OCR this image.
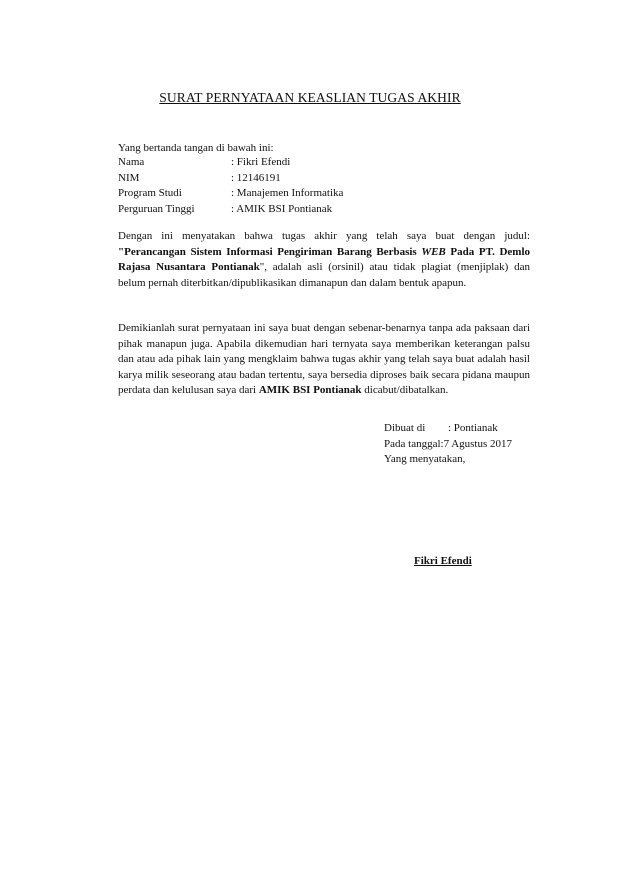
SURAT PERNYATAAN KEASLIAN TUGAS AKHIR
Yang bertanda tangan di bawah ini:
Nama	: Fikri Efendi
NIM	: 12146191
Program Studi	: Manajemen Informatika
Perguruan Tinggi	: AMIK BSI Pontianak
Dengan ini menyatakan bahwa tugas akhir yang telah saya buat dengan judul: "Perancangan Sistem Informasi Pengiriman Barang Berbasis WEB Pada PT. Demlo Rajasa Nusantara Pontianak", adalah asli (orsinil) atau tidak plagiat (menjiplak) dan belum pernah diterbitkan/dipublikasikan dimanapun dan dalam bentuk apapun.
Demikianlah surat pernyataan ini saya buat dengan sebenar-benarnya tanpa ada paksaan dari pihak manapun juga. Apabila dikemudian hari ternyata saya memberikan keterangan palsu dan atau ada pihak lain yang mengklaim bahwa tugas akhir yang telah saya buat adalah hasil karya milik seseorang atau badan tertentu, saya bersedia diproses baik secara pidana maupun perdata dan kelulusan saya dari AMIK BSI Pontianak dicabut/dibatalkan.
Dibuat di : Pontianak
Pada tanggal:7 Agustus 2017
Yang menyatakan,
Fikri Efendi
